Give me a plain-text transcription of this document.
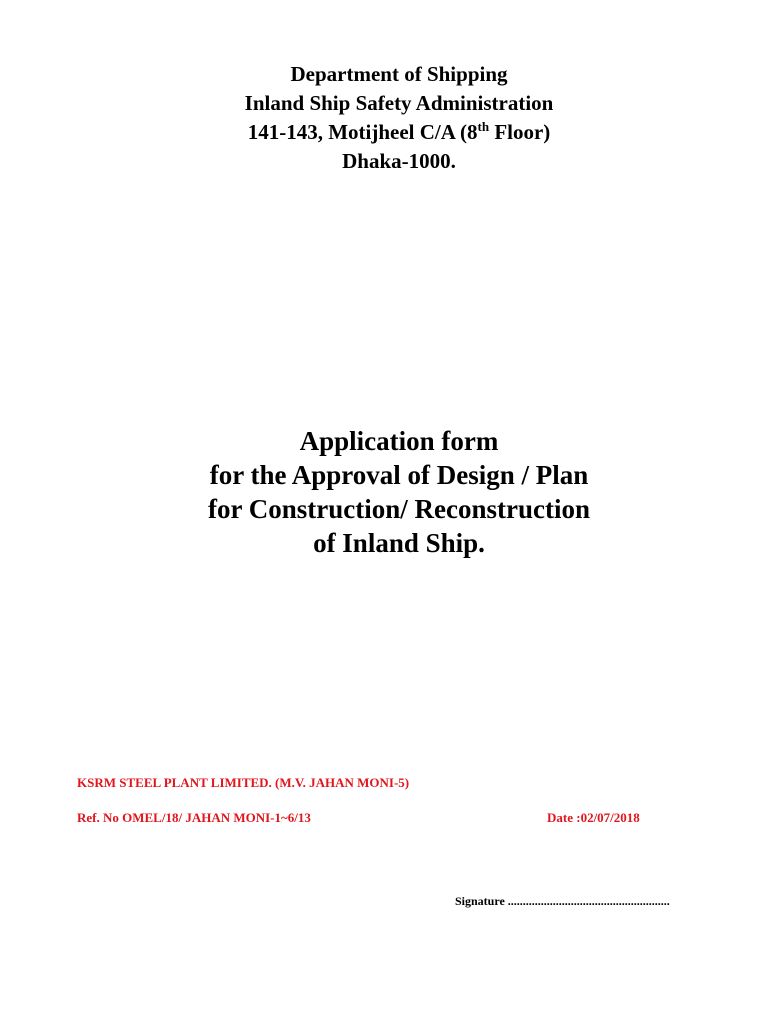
Department of Shipping
Inland Ship Safety Administration
141-143, Motijheel C/A (8th Floor)
Dhaka-1000.
Application form
for the Approval of Design / Plan
for Construction/ Reconstruction
of Inland Ship.
KSRM STEEL PLANT LIMITED. (M.V. JAHAN MONI-5)
Ref. No OMEL/18/ JAHAN MONI-1~6/13	Date :02/07/2018
Signature ......................................................
